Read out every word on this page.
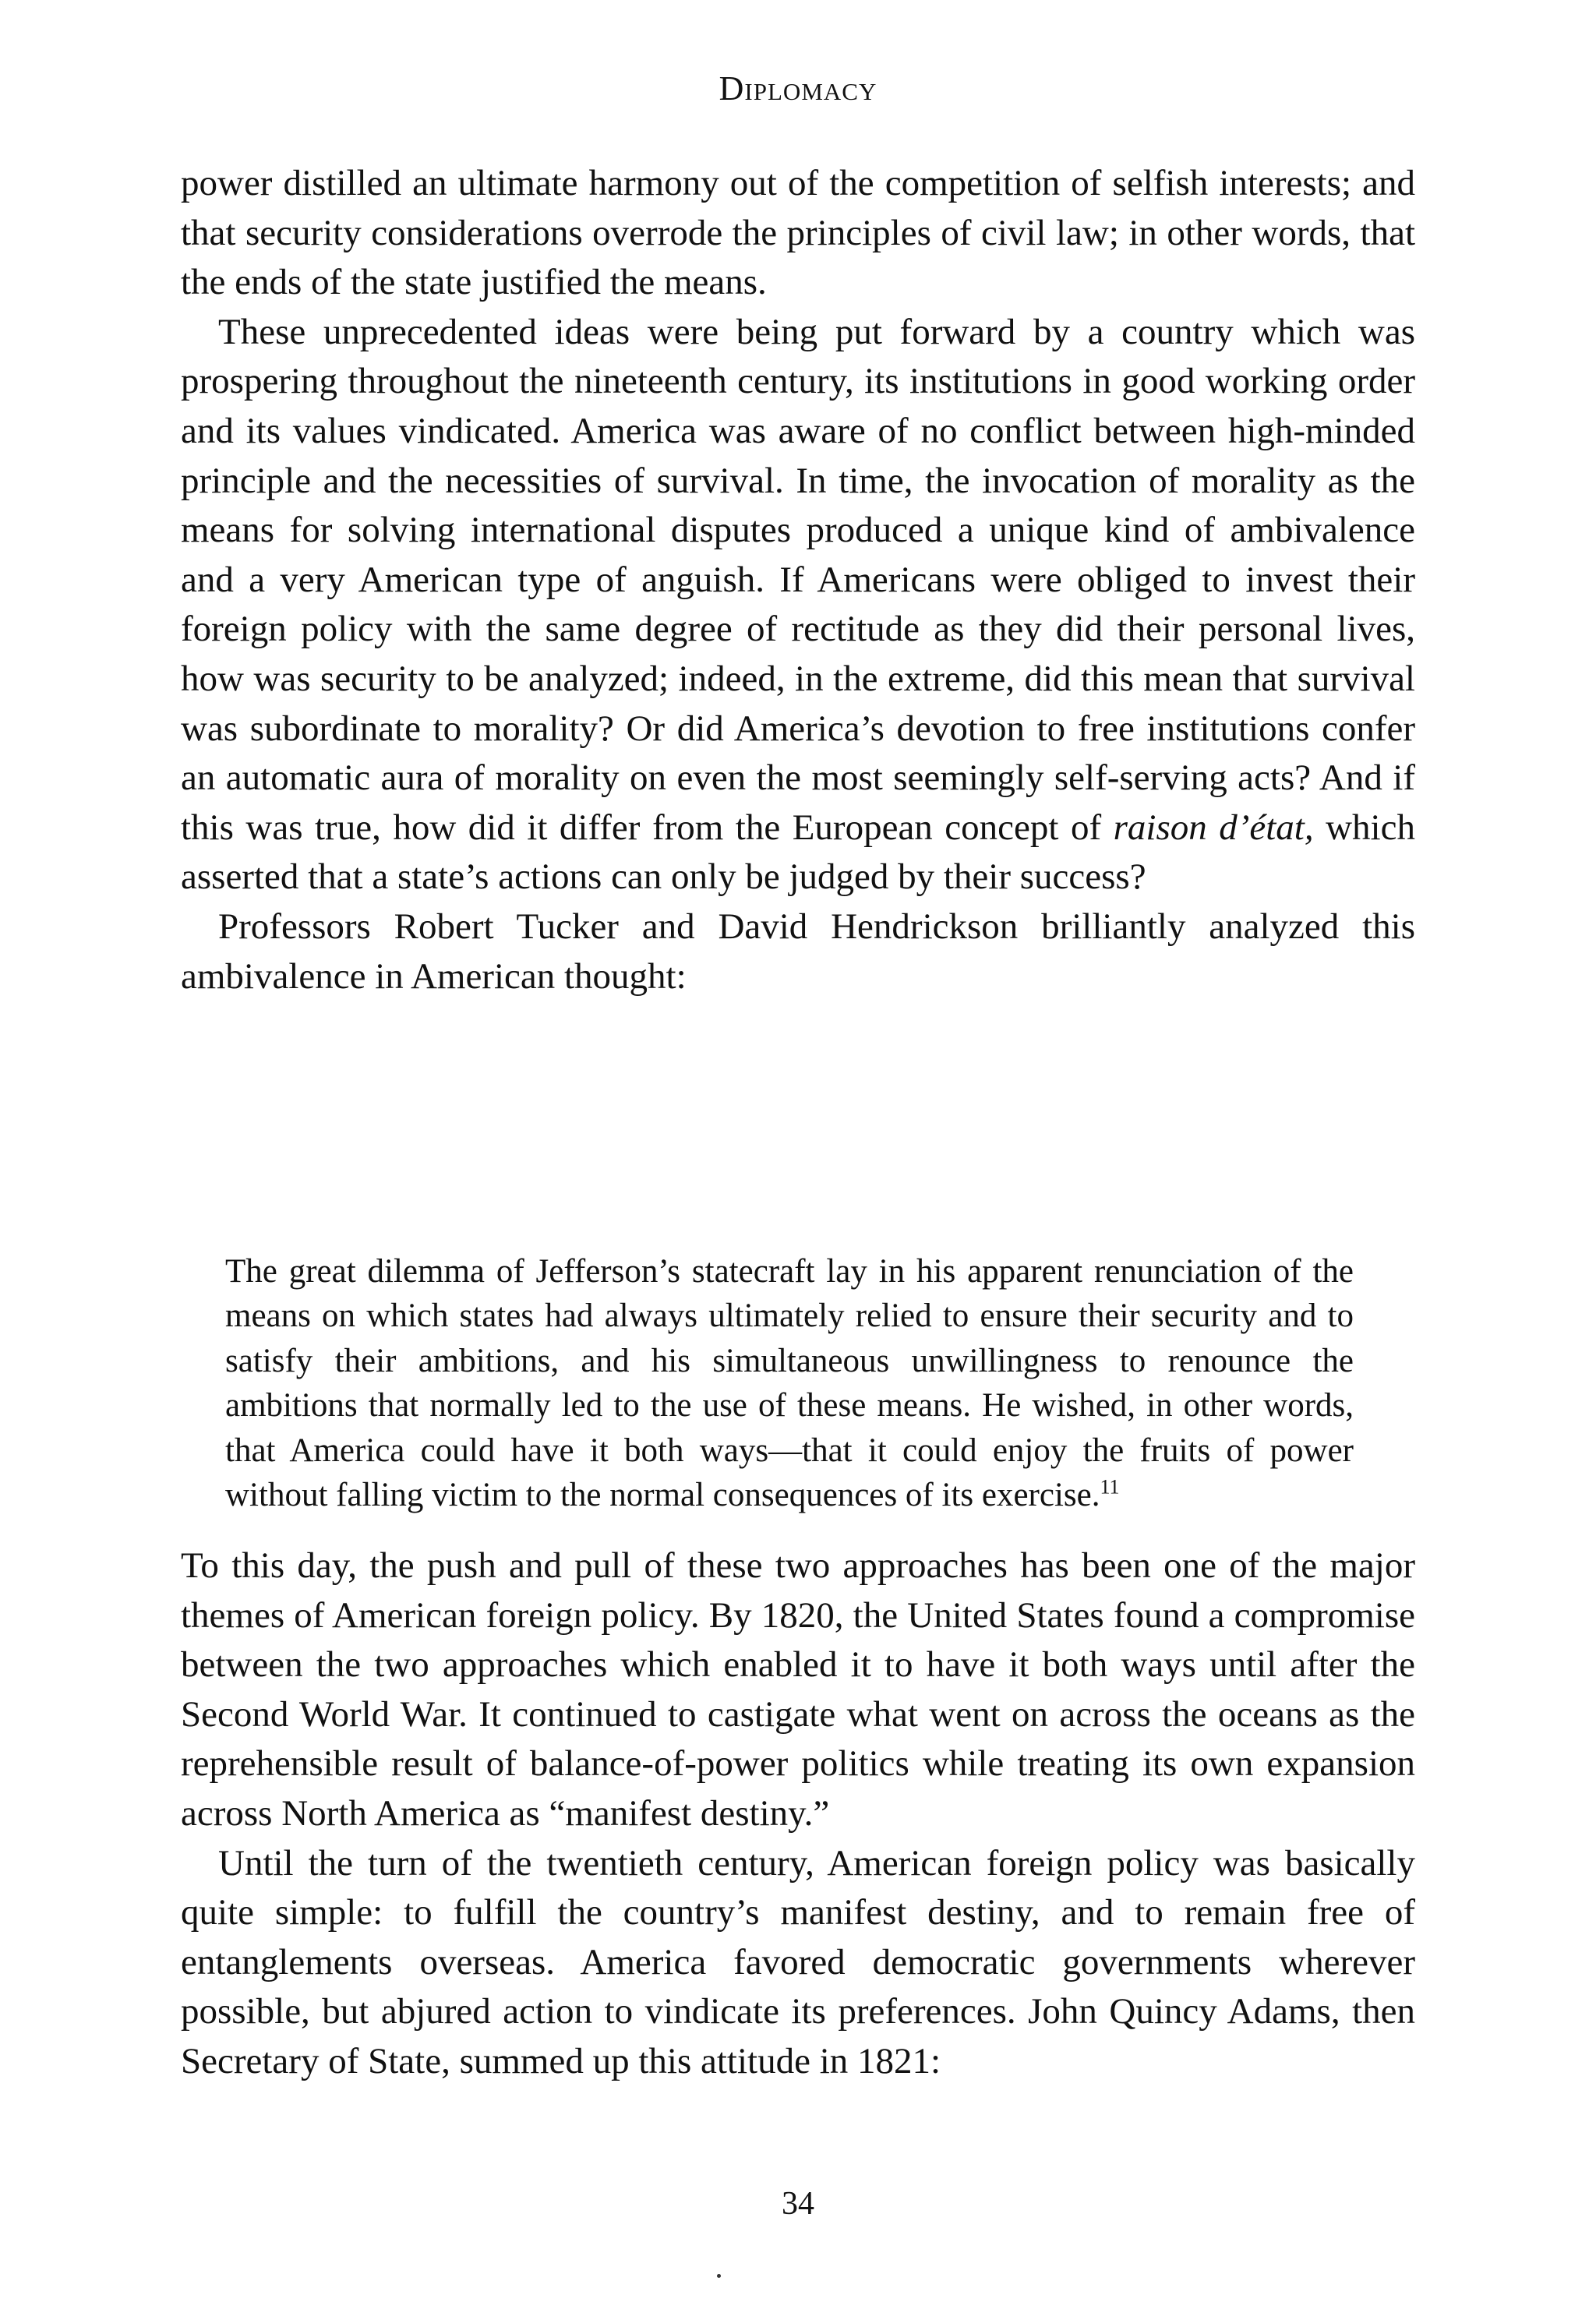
Diplomacy

power distilled an ultimate harmony out of the competition of selfish interests; and that security considerations overrode the principles of civil law; in other words, that the ends of the state justified the means.

These unprecedented ideas were being put forward by a country which was prospering throughout the nineteenth century, its institutions in good working order and its values vindicated. America was aware of no conflict between high-minded principle and the necessities of survival. In time, the invocation of morality as the means for solving international disputes produced a unique kind of ambivalence and a very American type of anguish. If Americans were obliged to invest their foreign policy with the same degree of rectitude as they did their personal lives, how was security to be analyzed; indeed, in the extreme, did this mean that survival was subordinate to morality? Or did America’s devotion to free institutions confer an automatic aura of morality on even the most seemingly self-serving acts? And if this was true, how did it differ from the European concept of raison d’état, which asserted that a state’s actions can only be judged by their success?

Professors Robert Tucker and David Hendrickson brilliantly analyzed this ambivalence in American thought:

The great dilemma of Jefferson’s statecraft lay in his apparent renunciation of the means on which states had always ultimately relied to ensure their security and to satisfy their ambitions, and his simultaneous unwillingness to renounce the ambitions that normally led to the use of these means. He wished, in other words, that America could have it both ways—that it could enjoy the fruits of power without falling victim to the normal consequences of its exercise.$^{11}$

To this day, the push and pull of these two approaches has been one of the major themes of American foreign policy. By 1820, the United States found a compromise between the two approaches which enabled it to have it both ways until after the Second World War. It continued to castigate what went on across the oceans as the reprehensible result of balance-of-power politics while treating its own expansion across North America as “manifest destiny.”

Until the turn of the twentieth century, American foreign policy was basically quite simple: to fulfill the country’s manifest destiny, and to remain free of entanglements overseas. America favored democratic governments wherever possible, but abjured action to vindicate its preferences. John Quincy Adams, then Secretary of State, summed up this attitude in 1821:

34
